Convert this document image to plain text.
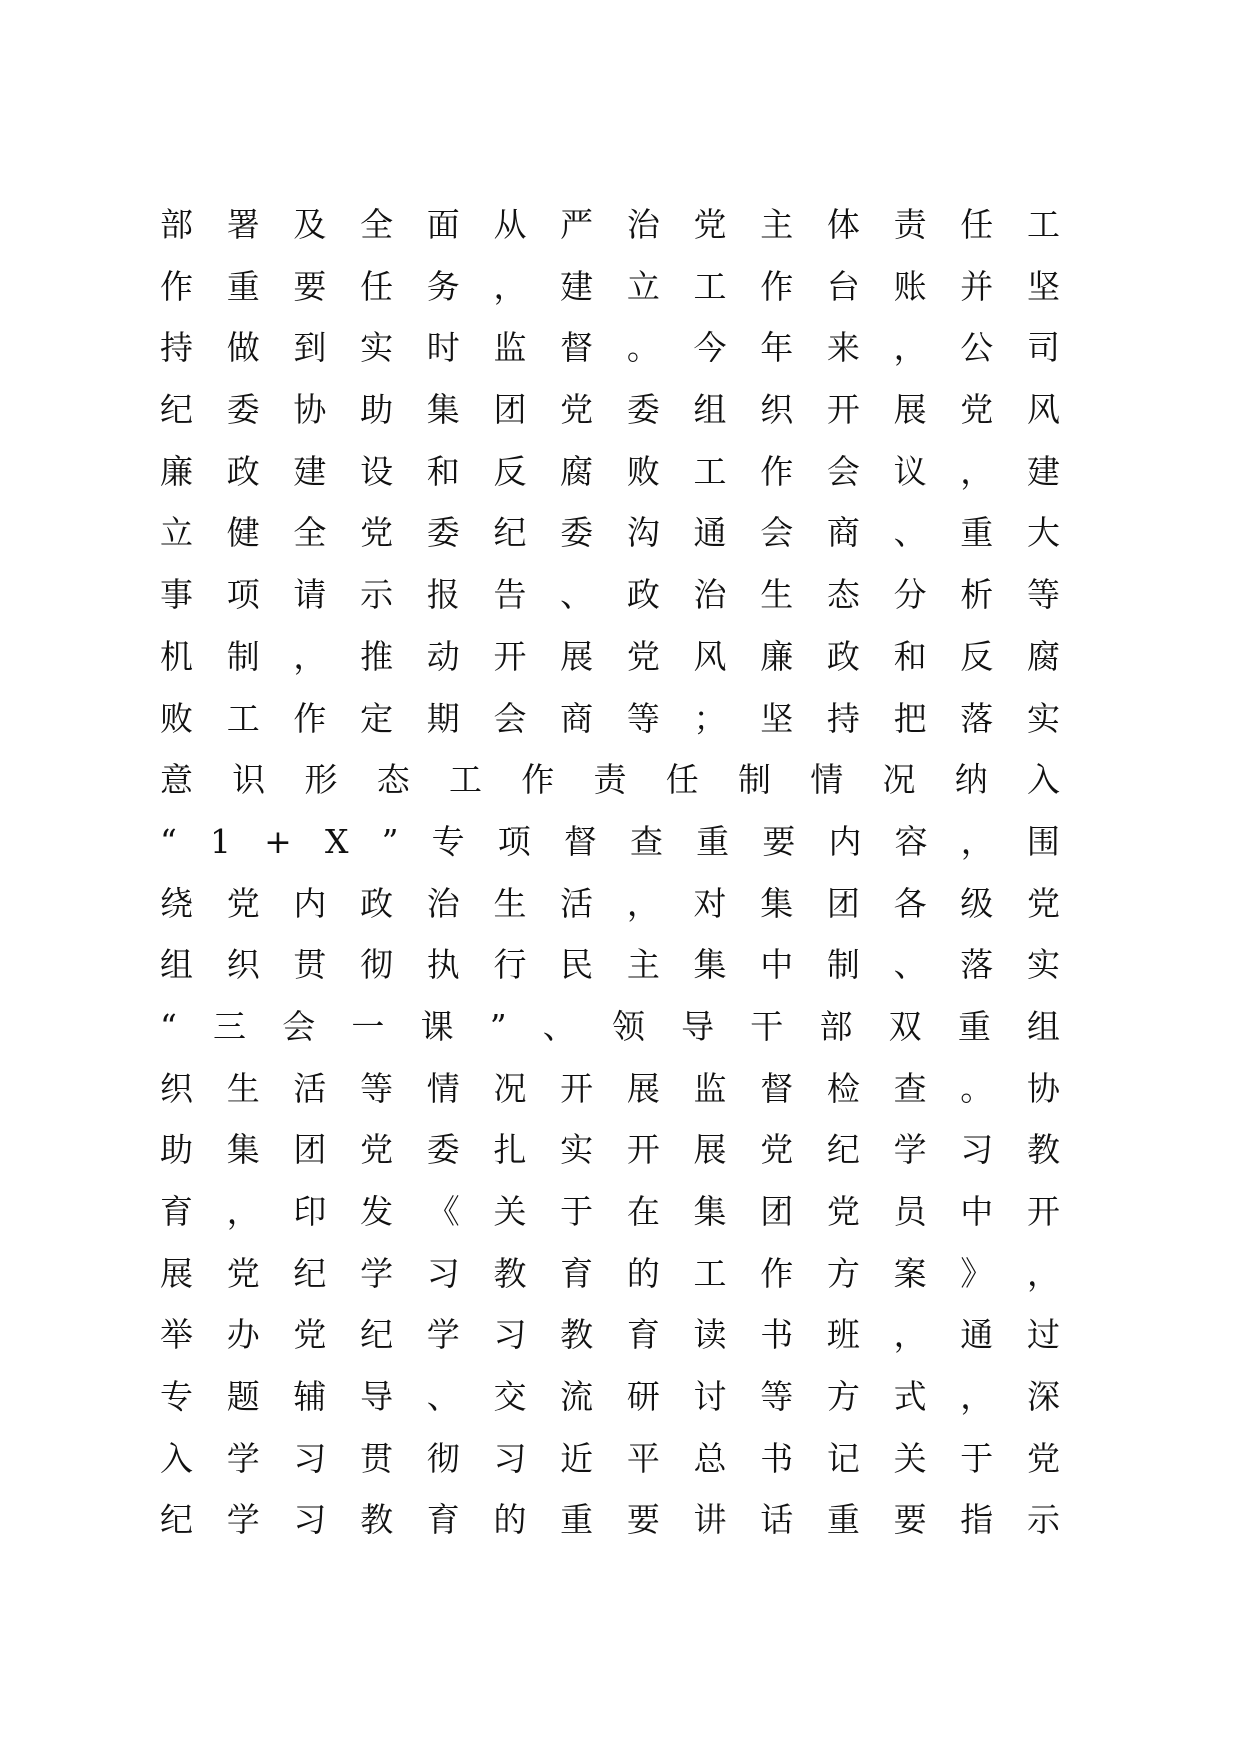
部 署 及 全 面 从 严 治 党 主 体 责 任 工
作 重 要 任 务 ， 建 立 工 作 台 账 并 坚
持 做 到 实 时 监 督 。 今 年 来 ， 公 司
纪 委 协 助 集 团 党 委 组 织 开 展 党 风
廉 政 建 设 和 反 腐 败 工 作 会 议 ， 建
立 健 全 党 委 纪 委 沟 通 会 商 、 重 大
事 项 请 示 报 告 、 政 治 生 态 分 析 等
机 制 ， 推 动 开 展 党 风 廉 政 和 反 腐
败 工 作 定 期 会 商 等 ； 坚 持 把 落 实
意 识 形 态 工 作 责 任 制 情 况 纳 入
“ 1 + X ” 专 项 督 查 重 要 内 容 ， 围
绕 党 内 政 治 生 活 ， 对 集 团 各 级 党
组 织 贯 彻 执 行 民 主 集 中 制 、 落 实
“ 三 会 一 课 ” 、 领 导 干 部 双 重 组
织 生 活 等 情 况 开 展 监 督 检 查 。 协
助 集 团 党 委 扎 实 开 展 党 纪 学 习 教
育 ， 印 发 《 关 于 在 集 团 党 员 中 开
展 党 纪 学 习 教 育 的 工 作 方 案 》 ，
举 办 党 纪 学 习 教 育 读 书 班 ， 通 过
专 题 辅 导 、 交 流 研 讨 等 方 式 ， 深
入 学 习 贯 彻 习 近 平 总 书 记 关 于 党
纪 学 习 教 育 的 重 要 讲 话 重 要 指 示
